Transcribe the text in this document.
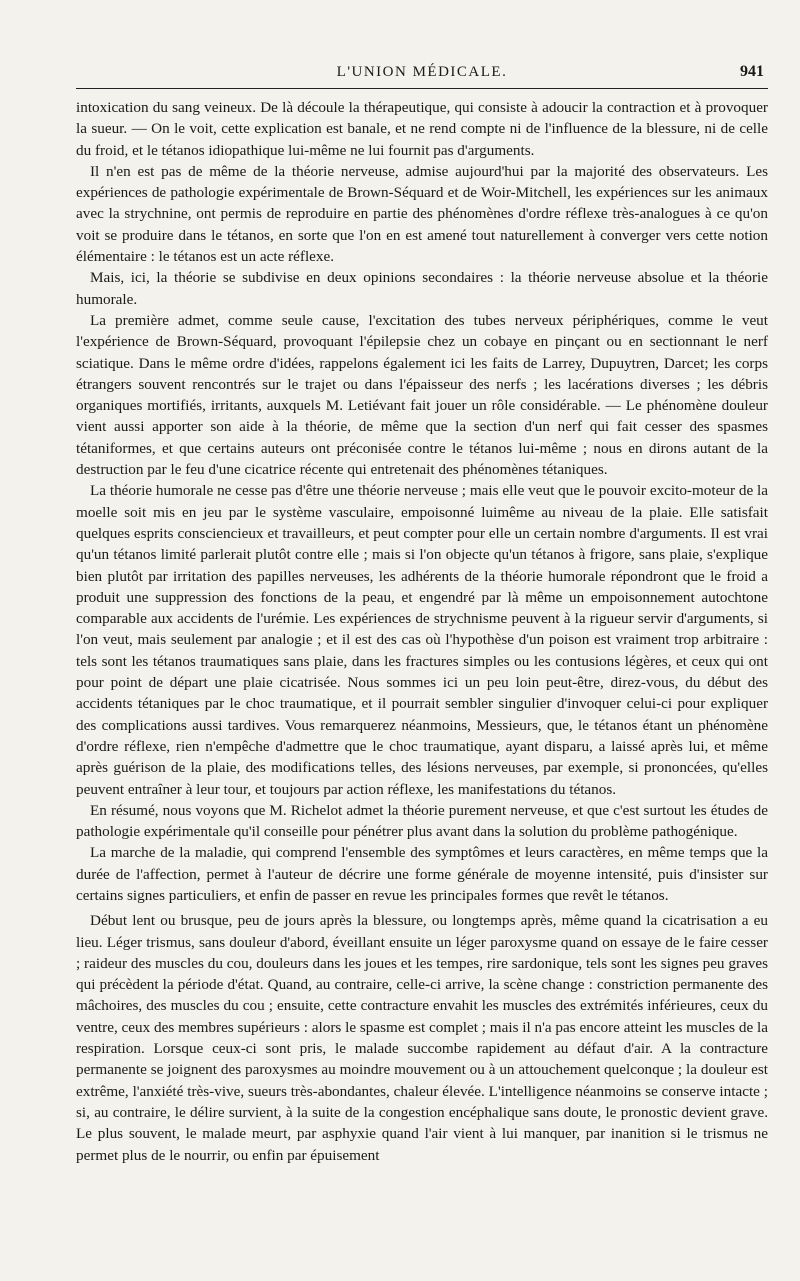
L'UNION MÉDICALE.	941

intoxication du sang veineux. De là découle la thérapeutique, qui consiste à adoucir la contraction et à provoquer la sueur. — On le voit, cette explication est banale, et ne rend compte ni de l'influence de la blessure, ni de celle du froid, et le tétanos idiopathique lui-même ne lui fournit pas d'arguments.

Il n'en est pas de même de la théorie nerveuse, admise aujourd'hui par la majorité des observateurs. Les expériences de pathologie expérimentale de Brown-Séquard et de Woir-Mitchell, les expériences sur les animaux avec la strychnine, ont permis de reproduire en partie des phénomènes d'ordre réflexe très-analogues à ce qu'on voit se produire dans le tétanos, en sorte que l'on en est amené tout naturellement à converger vers cette notion élémentaire : le tétanos est un acte réflexe.

Mais, ici, la théorie se subdivise en deux opinions secondaires : la théorie nerveuse absolue et la théorie humorale.

La première admet, comme seule cause, l'excitation des tubes nerveux périphériques, comme le veut l'expérience de Brown-Séquard, provoquant l'épilepsie chez un cobaye en pinçant ou en sectionnant le nerf sciatique. Dans le même ordre d'idées, rappelons également ici les faits de Larrey, Dupuytren, Darcet; les corps étrangers souvent rencontrés sur le trajet ou dans l'épaisseur des nerfs ; les lacérations diverses ; les débris organiques mortifiés, irritants, auxquels M. Letiévant fait jouer un rôle considérable. — Le phénomène douleur vient aussi apporter son aide à la théorie, de même que la section d'un nerf qui fait cesser des spasmes tétaniformes, et que certains auteurs ont préconisée contre le tétanos lui-même ; nous en dirons autant de la destruction par le feu d'une cicatrice récente qui entretenait des phénomènes tétaniques.

La théorie humorale ne cesse pas d'être une théorie nerveuse ; mais elle veut que le pouvoir excito-moteur de la moelle soit mis en jeu par le système vasculaire, empoisonné luimême au niveau de la plaie. Elle satisfait quelques esprits consciencieux et travailleurs, et peut compter pour elle un certain nombre d'arguments. Il est vrai qu'un tétanos limité parlerait plutôt contre elle ; mais si l'on objecte qu'un tétanos à frigore, sans plaie, s'explique bien plutôt par irritation des papilles nerveuses, les adhérents de la théorie humorale répondront que le froid a produit une suppression des fonctions de la peau, et engendré par là même un empoisonnement autochtone comparable aux accidents de l'urémie. Les expériences de strychnisme peuvent à la rigueur servir d'arguments, si l'on veut, mais seulement par analogie ; et il est des cas où l'hypothèse d'un poison est vraiment trop arbitraire : tels sont les tétanos traumatiques sans plaie, dans les fractures simples ou les contusions légères, et ceux qui ont pour point de départ une plaie cicatrisée. Nous sommes ici un peu loin peut-être, direz-vous, du début des accidents tétaniques par le choc traumatique, et il pourrait sembler singulier d'invoquer celui-ci pour expliquer des complications aussi tardives. Vous remarquerez néanmoins, Messieurs, que, le tétanos étant un phénomène d'ordre réflexe, rien n'empêche d'admettre que le choc traumatique, ayant disparu, a laissé après lui, et même après guérison de la plaie, des modifications telles, des lésions nerveuses, par exemple, si prononcées, qu'elles peuvent entraîner à leur tour, et toujours par action réflexe, les manifestations du tétanos.

En résumé, nous voyons que M. Richelot admet la théorie purement nerveuse, et que c'est surtout les études de pathologie expérimentale qu'il conseille pour pénétrer plus avant dans la solution du problème pathogénique.

La marche de la maladie, qui comprend l'ensemble des symptômes et leurs caractères, en même temps que la durée de l'affection, permet à l'auteur de décrire une forme générale de moyenne intensité, puis d'insister sur certains signes particuliers, et enfin de passer en revue les principales formes que revêt le tétanos.

Début lent ou brusque, peu de jours après la blessure, ou longtemps après, même quand la cicatrisation a eu lieu. Léger trismus, sans douleur d'abord, éveillant ensuite un léger paroxysme quand on essaye de le faire cesser ; raideur des muscles du cou, douleurs dans les joues et les tempes, rire sardonique, tels sont les signes peu graves qui précèdent la période d'état. Quand, au contraire, celle-ci arrive, la scène change : constriction permanente des mâchoires, des muscles du cou ; ensuite, cette contracture envahit les muscles des extrémités inférieures, ceux du ventre, ceux des membres supérieurs : alors le spasme est complet ; mais il n'a pas encore atteint les muscles de la respiration. Lorsque ceux-ci sont pris, le malade succombe rapidement au défaut d'air. A la contracture permanente se joignent des paroxysmes au moindre mouvement ou à un attouchement quelconque ; la douleur est extrême, l'anxiété très-vive, sueurs très-abondantes, chaleur élevée. L'intelligence néanmoins se conserve intacte ; si, au contraire, le délire survient, à la suite de la congestion encéphalique sans doute, le pronostic devient grave. Le plus souvent, le malade meurt, par asphyxie quand l'air vient à lui manquer, par inanition si le trismus ne permet plus de le nourrir, ou enfin par épuisement
